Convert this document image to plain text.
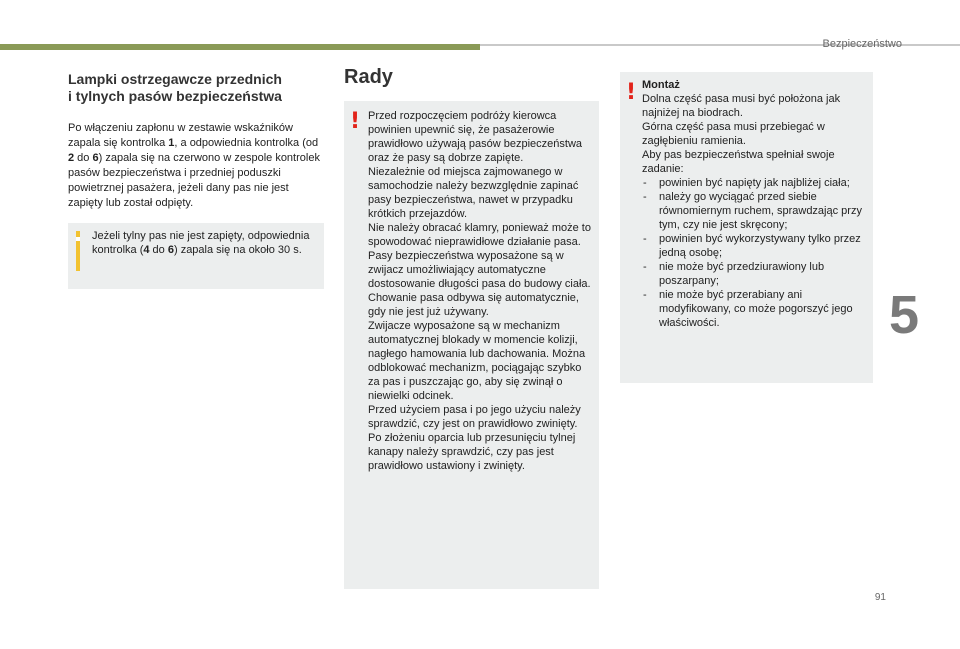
Bezpieczeństwo
5
91
Lampki ostrzegawcze przednich
i tylnych pasów bezpieczeństwa

Po włączeniu zapłonu w zestawie wskaźników zapala się kontrolka 1, a odpowiednia kontrolka (od 2 do 6) zapala się na czerwono w zespole kontrolek pasów bezpieczeństwa i przedniej poduszki powietrznej pasażera, jeżeli dany pas nie jest zapięty lub został odpięty.

Jeżeli tylny pas nie jest zapięty, odpowiednia kontrolka (4 do 6) zapala się na około 30 s.
Rady
! Przed rozpoczęciem podróży kierowca powinien upewnić się, że pasażerowie prawidłowo używają pasów bezpieczeństwa oraz że pasy są dobrze zapięte.
Niezależnie od miejsca zajmowanego w samochodzie należy bezwzględnie zapinać pasy bezpieczeństwa, nawet w przypadku krótkich przejazdów.
Nie należy obracać klamry, ponieważ może to spowodować nieprawidłowe działanie pasa.
Pasy bezpieczeństwa wyposażone są w zwijacz umożliwiający automatyczne dostosowanie długości pasa do budowy ciała. Chowanie pasa odbywa się automatycznie, gdy nie jest już używany.
Zwijacze wyposażone są w mechanizm automatycznej blokady w momencie kolizji, nagłego hamowania lub dachowania. Można odblokować mechanizm, pociągając szybko za pas i puszczając go, aby się zwinął o niewielki odcinek.
Przed użyciem pasa i po jego użyciu należy sprawdzić, czy jest on prawidłowo zwinięty.
Po złożeniu oparcia lub przesunięciu tylnej kanapy należy sprawdzić, czy pas jest prawidłowo ustawiony i zwinięty.

! Montaż

Dolna część pasa musi być położona jak najniżej na biodrach.
Górna część pasa musi przebiegać w zagłębieniu ramienia.
Aby pas bezpieczeństwa spełniał swoje zadanie:

- powinien być napięty jak najbliżej ciała;
- należy go wyciągać przed siebie równomiernym ruchem, sprawdzając przy tym, czy nie jest skręcony;
- powinien być wykorzystywany tylko przez jedną osobę;
- nie może być przedziurawiony lub poszarpany;
- nie może być przerabiany ani modyfikowany, co może pogorszyć jego właściwości.
